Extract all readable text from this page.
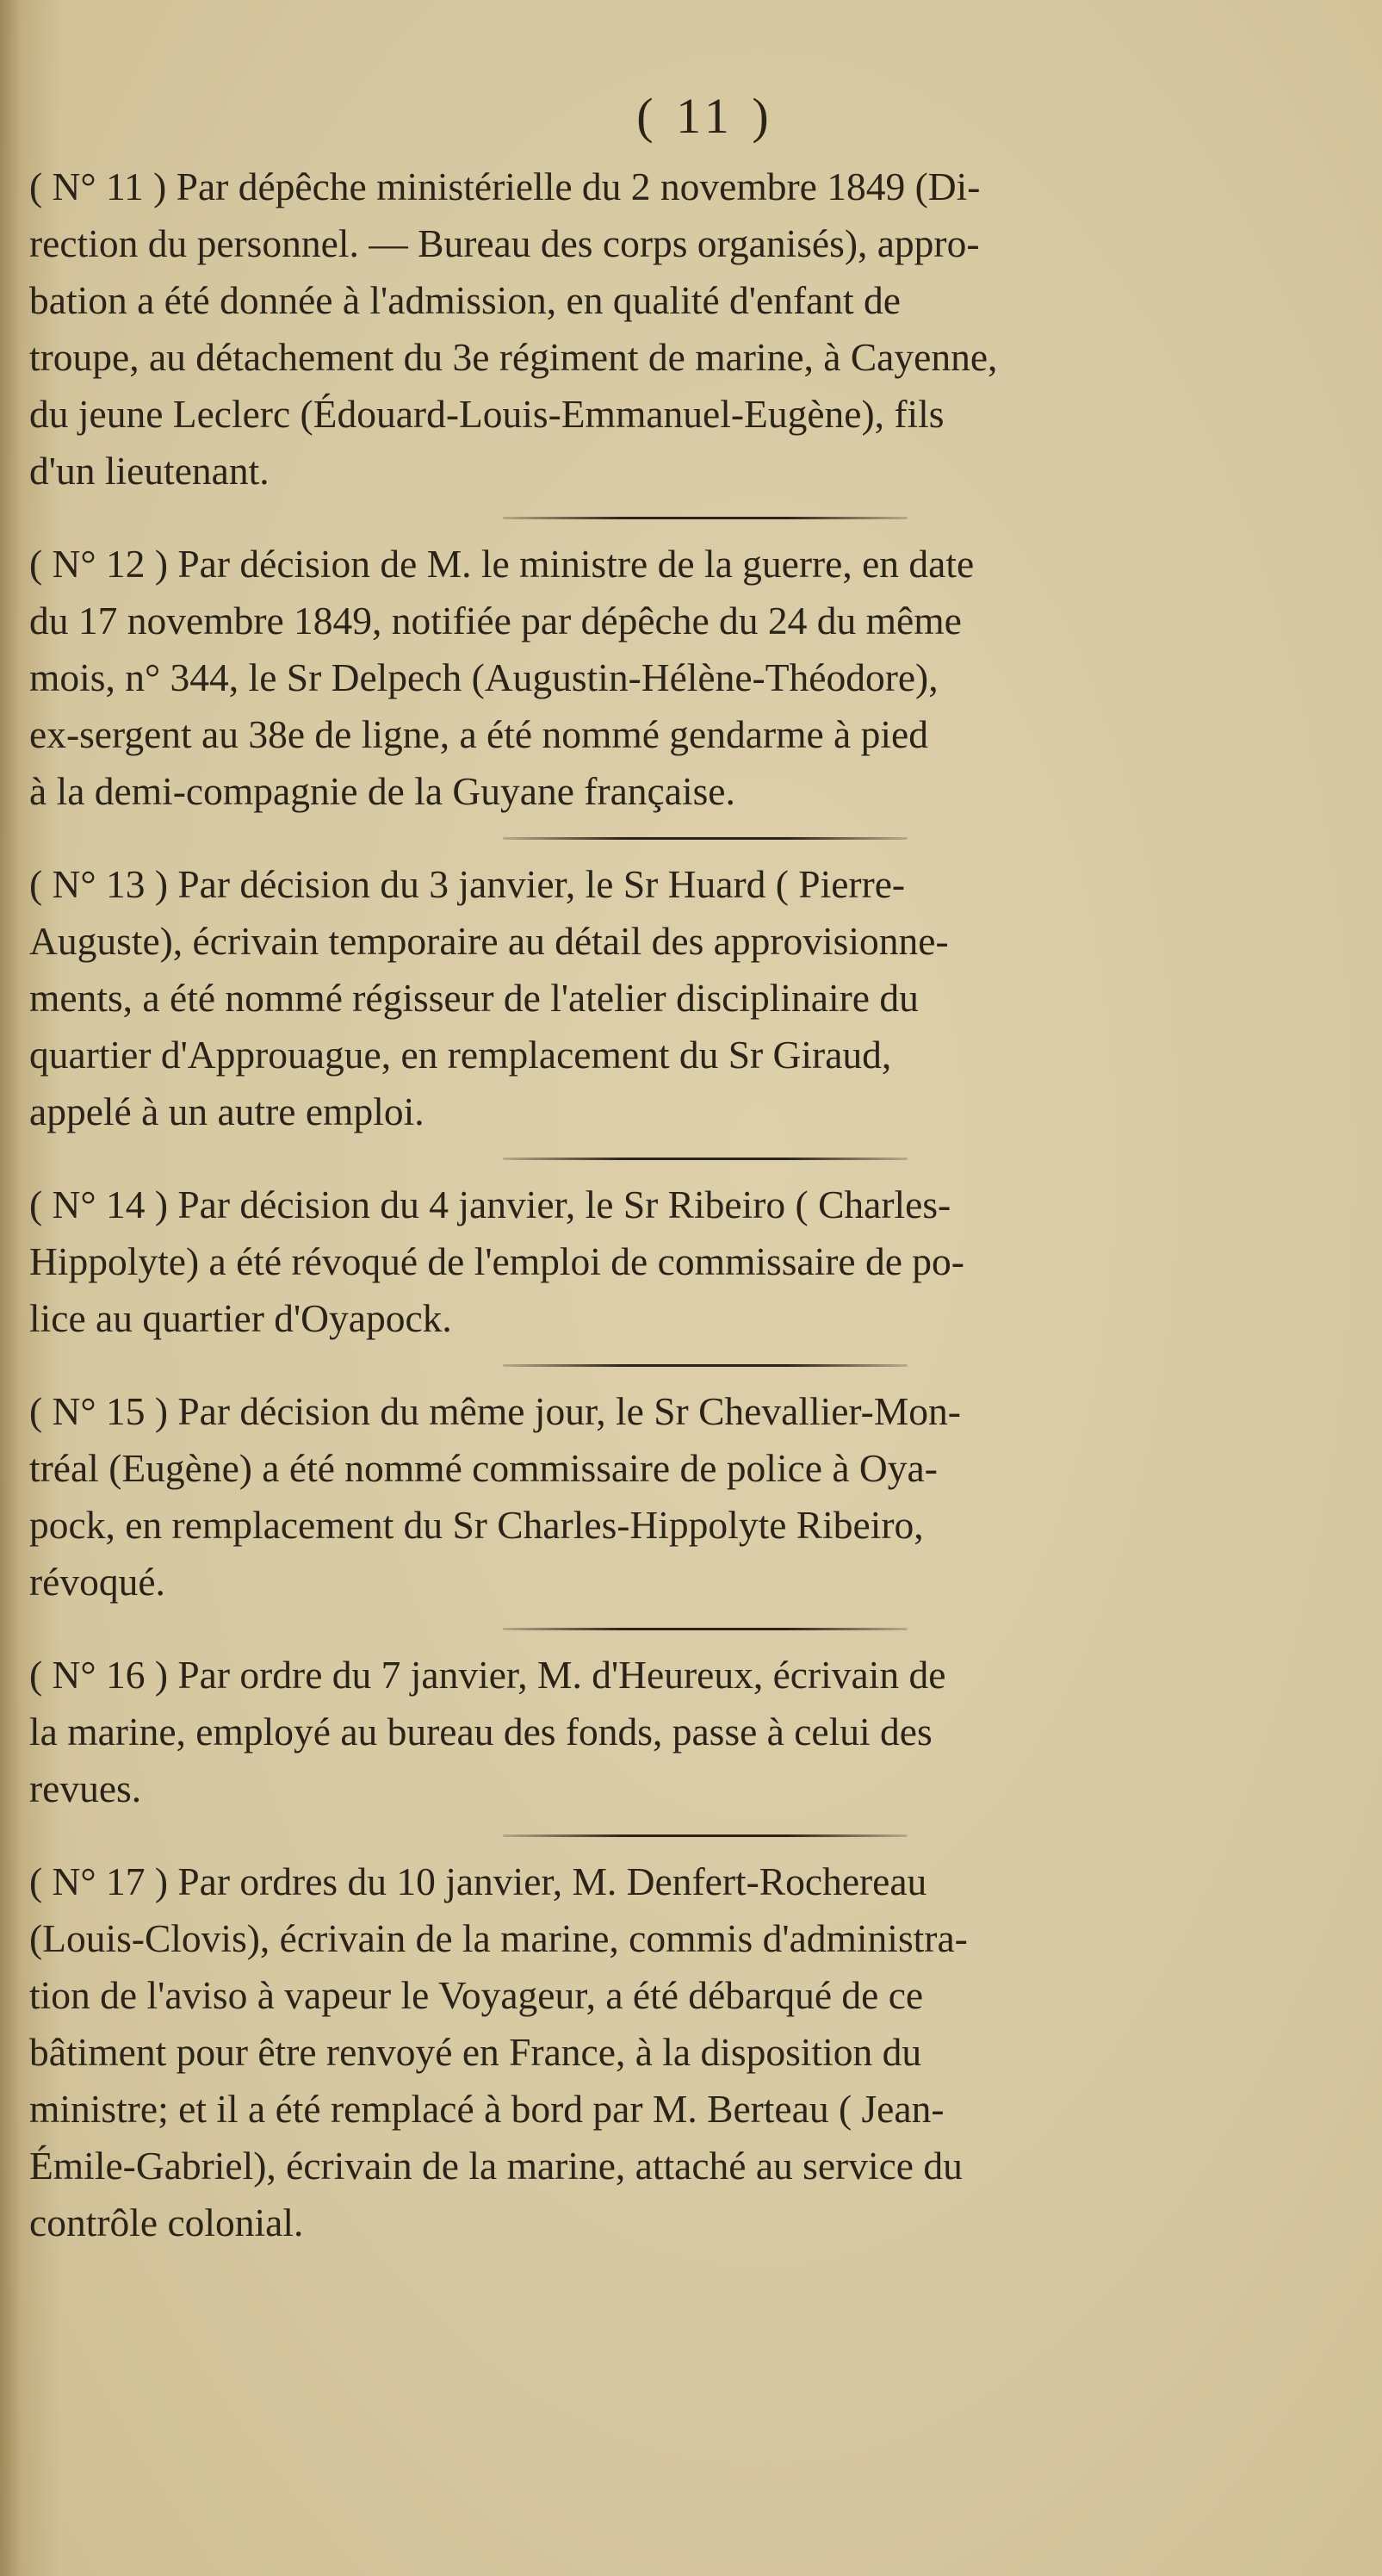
( 11 )
( N° 11 ) Par dépêche ministérielle du 2 novembre 1849 (Di-
rection du personnel. — Bureau des corps organisés), appro-
bation a été donnée à l'admission, en qualité d'enfant de
troupe, au détachement du 3e régiment de marine, à Cayenne,
du jeune Leclerc (Édouard-Louis-Emmanuel-Eugène), fils
d'un lieutenant.
( N° 12 ) Par décision de M. le ministre de la guerre, en date
du 17 novembre 1849, notifiée par dépêche du 24 du même
mois, n° 344, le Sr Delpech (Augustin-Hélène-Théodore),
ex-sergent au 38e de ligne, a été nommé gendarme à pied
à la demi-compagnie de la Guyane française.
( N° 13 ) Par décision du 3 janvier, le Sr Huard ( Pierre-
Auguste), écrivain temporaire au détail des approvisionne-
ments, a été nommé régisseur de l'atelier disciplinaire du
quartier d'Approuague, en remplacement du Sr Giraud,
appelé à un autre emploi.
( N° 14 ) Par décision du 4 janvier, le Sr Ribeiro ( Charles-
Hippolyte) a été révoqué de l'emploi de commissaire de po-
lice au quartier d'Oyapock.
( N° 15 ) Par décision du même jour, le Sr Chevallier-Mon-
tréal (Eugène) a été nommé commissaire de police à Oya-
pock, en remplacement du Sr Charles-Hippolyte Ribeiro,
révoqué.
( N° 16 ) Par ordre du 7 janvier, M. d'Heureux, écrivain de
la marine, employé au bureau des fonds, passe à celui des
revues.
( N° 17 ) Par ordres du 10 janvier, M. Denfert-Rochereau
(Louis-Clovis), écrivain de la marine, commis d'administra-
tion de l'aviso à vapeur le Voyageur, a été débarqué de ce
bâtiment pour être renvoyé en France, à la disposition du
ministre; et il a été remplacé à bord par M. Berteau ( Jean-
Émile-Gabriel), écrivain de la marine, attaché au service du
contrôle colonial.
